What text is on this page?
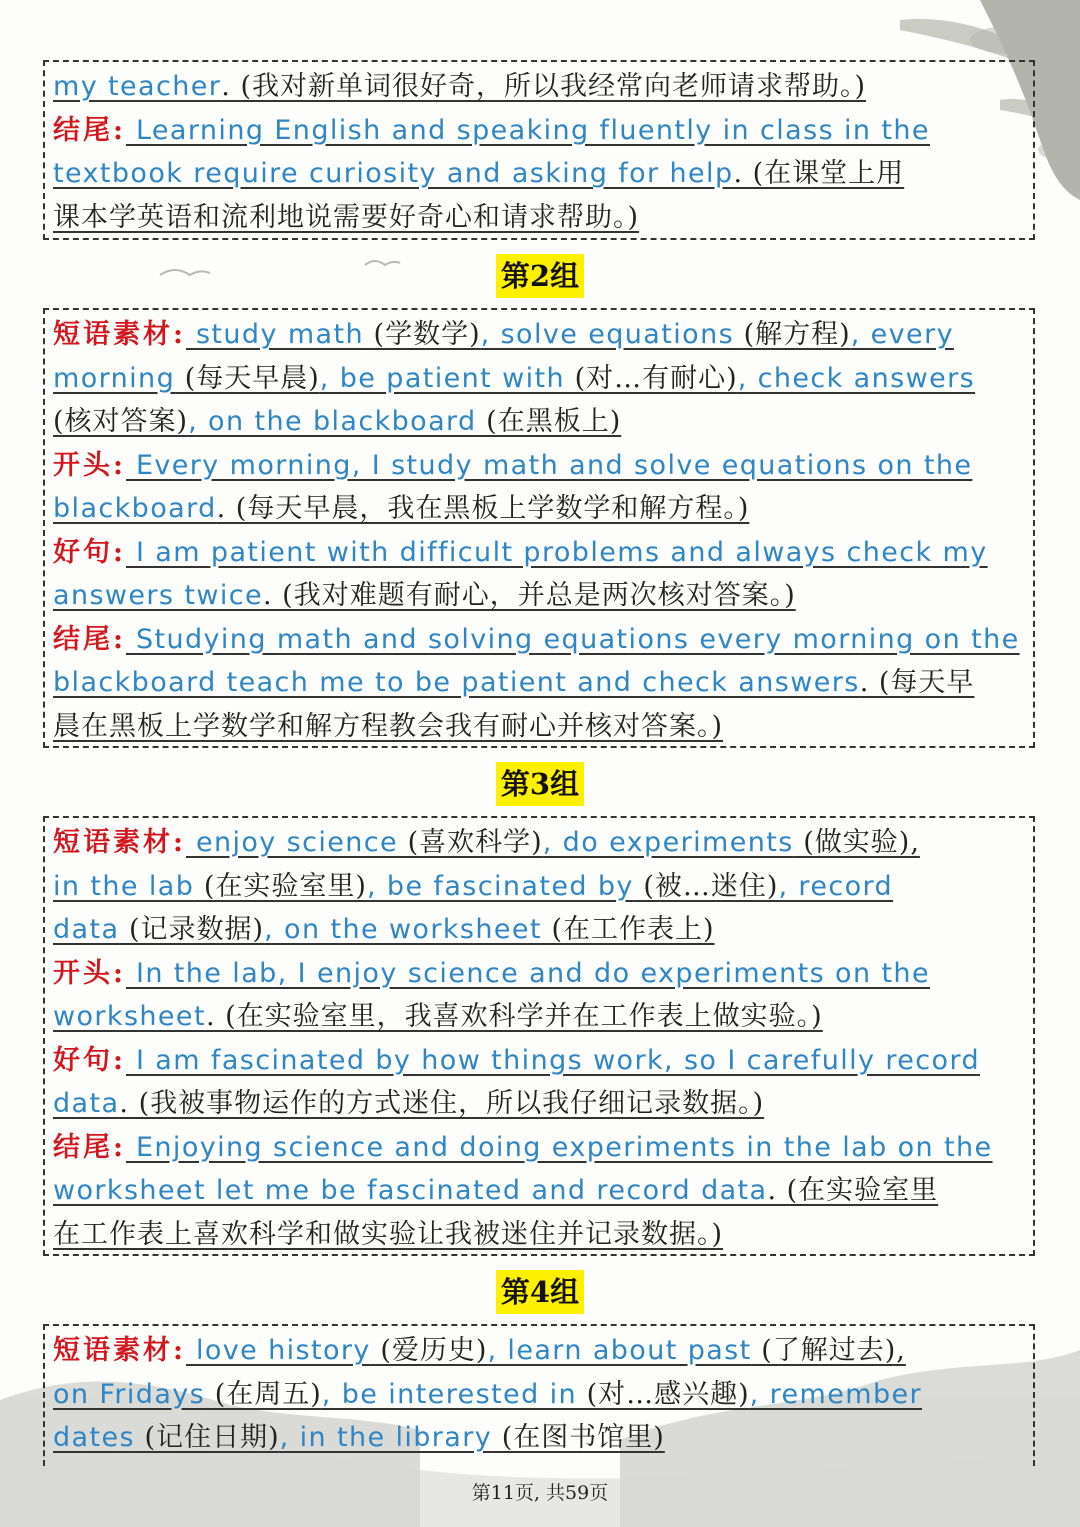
my teacher. (我对新单词很好奇，所以我经常向老师请求帮助。)
结尾: Learning English and speaking fluently in class in the
textbook require curiosity and asking for help. (在课堂上用
课本学英语和流利地说需要好奇心和请求帮助。)
第2组
短语素材: study math (学数学), solve equations (解方程), every
morning (每天早晨), be patient with (对…有耐心), check answers
(核对答案), on the blackboard (在黑板上)
开头: Every morning, I study math and solve equations on the
blackboard. (每天早晨，我在黑板上学数学和解方程。)
好句: I am patient with difficult problems and always check my
answers twice. (我对难题有耐心，并总是两次核对答案。)
结尾: Studying math and solving equations every morning on the
blackboard teach me to be patient and check answers. (每天早
晨在黑板上学数学和解方程教会我有耐心并核对答案。)
第3组
短语素材: enjoy science (喜欢科学), do experiments (做实验),
in the lab (在实验室里), be fascinated by (被…迷住), record
data (记录数据), on the worksheet (在工作表上)
开头: In the lab, I enjoy science and do experiments on the
worksheet. (在实验室里，我喜欢科学并在工作表上做实验。)
好句: I am fascinated by how things work, so I carefully record
data. (我被事物运作的方式迷住，所以我仔细记录数据。)
结尾: Enjoying science and doing experiments in the lab on the
worksheet let me be fascinated and record data. (在实验室里
在工作表上喜欢科学和做实验让我被迷住并记录数据。)
第4组
短语素材: love history (爱历史), learn about past (了解过去),
on Fridays (在周五), be interested in (对…感兴趣), remember
dates (记住日期), in the library (在图书馆里)
第11页, 共59页
